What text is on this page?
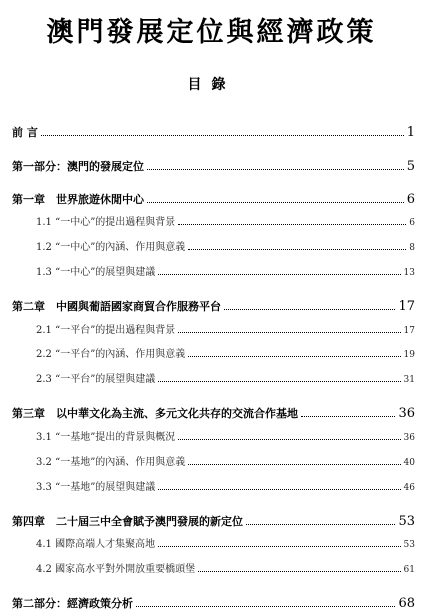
澳門發展定位與經濟政策
目錄
前 言	1
第一部分：澳門的發展定位	5
第一章　世界旅遊休閒中心	6
1.1 “一中心”的提出過程與背景	6
1.2 “一中心”的內涵、作用與意義	8
1.3 “一中心”的展望與建議	13
第二章　中國與葡語國家商貿合作服務平台	17
2.1 “一平台”的提出過程與背景	17
2.2 “一平台”的內涵、作用與意義	19
2.3 “一平台”的展望與建議	31
第三章　以中華文化為主流、多元文化共存的交流合作基地	36
3.1 “一基地”提出的背景與概況	36
3.2 “一基地”的內涵、作用與意義	40
3.3 “一基地”的展望與建議	46
第四章　二十屆三中全會賦予澳門發展的新定位	53
4.1 國際高端人才集聚高地	53
4.2 國家高水平對外開放重要橋頭堡	61
第二部分：經濟政策分析	68
